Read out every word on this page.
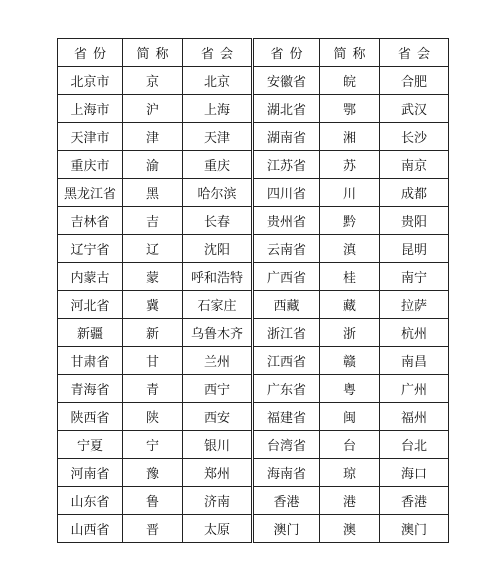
省份	简称	省会	省份	简称	省会
北京市	京	北京	安徽省	皖	合肥
上海市	沪	上海	湖北省	鄂	武汉
天津市	津	天津	湖南省	湘	长沙
重庆市	渝	重庆	江苏省	苏	南京
黑龙江省	黑	哈尔滨	四川省	川	成都
吉林省	吉	长春	贵州省	黔	贵阳
辽宁省	辽	沈阳	云南省	滇	昆明
内蒙古	蒙	呼和浩特	广西省	桂	南宁
河北省	冀	石家庄	西藏	藏	拉萨
新疆	新	乌鲁木齐	浙江省	浙	杭州
甘肃省	甘	兰州	江西省	赣	南昌
青海省	青	西宁	广东省	粤	广州
陕西省	陕	西安	福建省	闽	福州
宁夏	宁	银川	台湾省	台	台北
河南省	豫	郑州	海南省	琼	海口
山东省	鲁	济南	香港	港	香港
山西省	晋	太原	澳门	澳	澳门
